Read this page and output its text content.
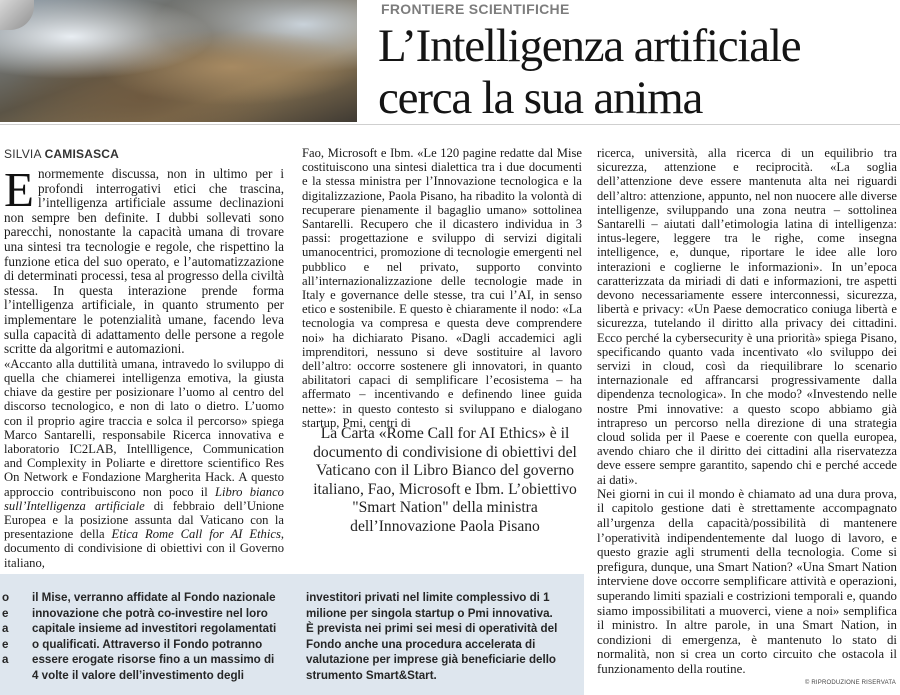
FRONTIERE SCIENTIFICHE
L’Intelligenza artificiale
cerca la sua anima
SILVIA CAMISASCA

Enormemente discussa, non in ultimo per i profondi interrogativi etici che trascina, l’intelligenza artificiale assume declinazioni non sempre ben definite. I dubbi sollevati sono parecchi, nonostante la capacità umana di trovare una sintesi tra tecnologie e regole, che rispettino la funzione etica del suo operato, e l’automatizzazione di determinati processi, tesa al progresso della civiltà stessa. In questa interazione prende forma l’intelligenza artificiale, in quanto strumento per implementare le potenzialità umane, facendo leva sulla capacità di adattamento delle persone a regole scritte da algoritmi e automazioni.

«Accanto alla duttilità umana, intravedo lo sviluppo di quella che chiamerei intelligenza emotiva, la giusta chiave da gestire per posizionare l’uomo al centro del discorso tecnologico, e non di lato o dietro. L’uomo con il proprio agire traccia e solca il percorso» spiega Marco Santarelli, responsabile Ricerca innovativa e laboratorio IC2LAB, Intellligence, Communication and Complexity in Poliarte e direttore scientifico Res On Network e Fondazione Margherita Hack. A questo approccio contribuiscono non poco il Libro bianco sull’Intelligenza artificiale di febbraio dell’Unione Europea e la posizione assunta dal Vaticano con la presentazione della Etica Rome Call for AI Ethics, documento di condivisione di obiettivi con il Governo italiano,

Fao, Microsoft e Ibm. «Le 120 pagine redatte dal Mise costituiscono una sintesi dialettica tra i due documenti e la stessa ministra per l’Innovazione tecnologica e la digitalizzazione, Paola Pisano, ha ribadito la volontà di recuperare pienamente il bagaglio umano» sottolinea Santarelli. Recupero che il dicastero individua in 3 passi: progettazione e sviluppo di servizi digitali umanocentrici, promozione di tecnologie emergenti nel pubblico e nel privato, supporto convinto all’internazionalizzazione delle tecnologie made in Italy e governance delle stesse, tra cui l’AI, in senso etico e sostenibile. E questo è chiaramente il nodo: «La tecnologia va compresa e questa deve comprendere noi» ha dichiarato Pisano. «Dagli accademici agli imprenditori, nessuno si deve sostituire al lavoro dell’altro: occorre sostenere gli innovatori, in quanto abilitatori capaci di semplificare l’ecosistema – ha affermato – incentivando e definendo linee guida nette»: in questo contesto si sviluppano e dialogano startup, Pmi, centri di

La Carta «Rome Call for AI Ethics» è il documento di condivisione di obiettivi del Vaticano con il Libro Bianco del governo italiano, Fao, Microsoft e Ibm. L’obiettivo "Smart Nation" della ministra dell’Innovazione Paola Pisano

ricerca, università, alla ricerca di un equilibrio tra sicurezza, attenzione e reciprocità. «La soglia dell’attenzione deve essere mantenuta alta nei riguardi dell’altro: attenzione, appunto, nel non nuocere alle diverse intelligenze, sviluppando una zona neutra – sottolinea Santarelli – aiutati dall’etimologia latina di intelligenza: intus-legere, leggere tra le righe, come insegna intelligence, e, dunque, riportare le idee alle loro interazioni e coglierne le informazioni». In un’epoca caratterizzata da miriadi di dati e informazioni, tre aspetti devono necessariamente essere interconnessi, sicurezza, libertà e privacy: «Un Paese democratico coniuga libertà e sicurezza, tutelando il diritto alla privacy dei cittadini. Ecco perché la cybersecurity è una priorità» spiega Pisano, specificando quanto vada incentivato «lo sviluppo dei servizi in cloud, così da riequilibrare lo scenario internazionale ed affrancarsi progressivamente dalla dipendenza tecnologica». In che modo? «Investendo nelle nostre Pmi innovative: a questo scopo abbiamo già intrapreso un percorso nella direzione di una strategia cloud solida per il Paese e coerente con quella europea, avendo chiaro che il diritto dei cittadini alla riservatezza deve essere sempre garantito, sapendo chi e perché accede ai dati».

Nei giorni in cui il mondo è chiamato ad una dura prova, il capitolo gestione dati è strettamente accompagnato all’urgenza della capacità/possibilità di mantenere l’operatività indipendentemente dal luogo di lavoro, e questo grazie agli strumenti della tecnologia. Come si prefigura, dunque, una Smart Nation? «Una Smart Nation interviene dove occorre semplificare attività e operazioni, superando limiti spaziali e costrizioni temporali e, quando siamo impossibilitati a muoverci, viene a noi» semplifica il ministro. In altre parole, in una Smart Nation, in condizioni di emergenza, è mantenuto lo stato di normalità, non si crea un corto circuito che ostacola il funzionamento della routine.

o
e
a
e
a
il Mise, verranno affidate al Fondo nazionale
innovazione che potrà co-investire nel loro
capitale insieme ad investitori regolamentati
o qualificati. Attraverso il Fondo potranno
essere erogate risorse fino a un massimo di
4 volte il valore dell’investimento degli
investitori privati nel limite complessivo di 1
milione per singola startup o Pmi innovativa.
È prevista nei primi sei mesi di operatività del
Fondo anche una procedura accelerata di
valutazione per imprese già beneficiarie dello
strumento Smart&Start.
© RIPRODUZIONE RISERVATA
